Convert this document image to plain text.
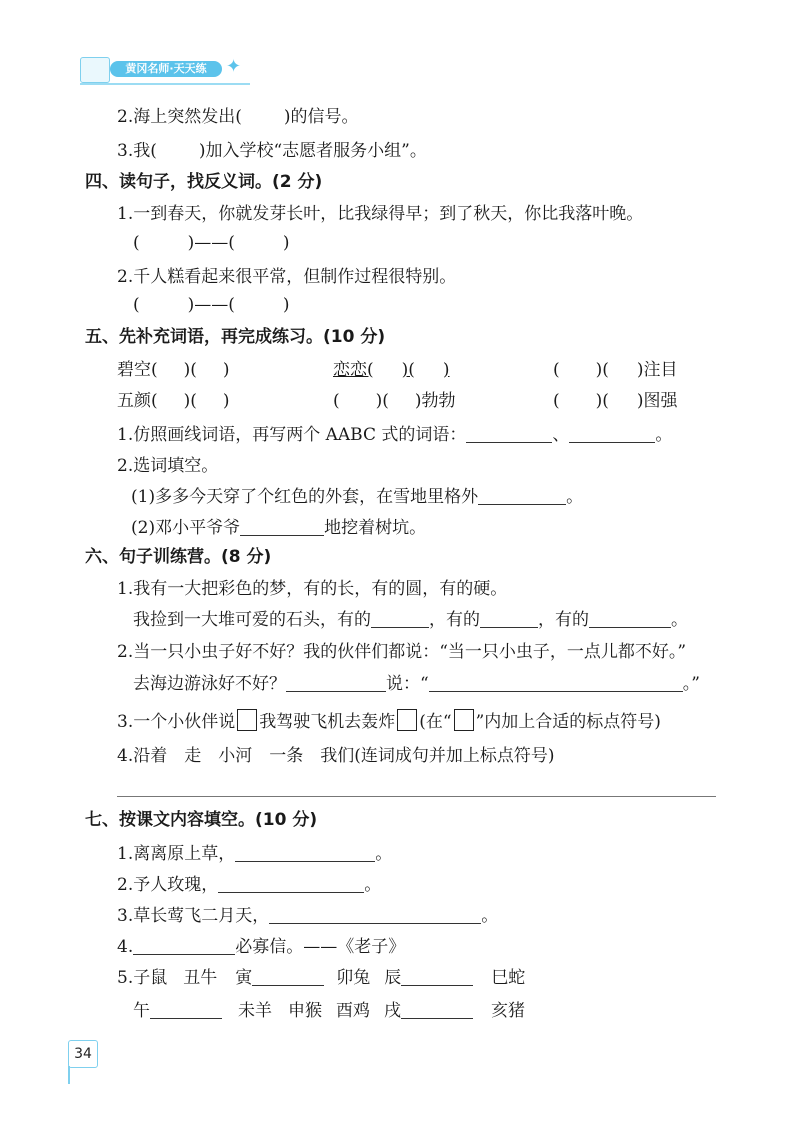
黄冈名师·天天练	✦
2.海上突然发出( )的信号。
3.我( )加入学校“志愿者服务小组”。
四、读句子，找反义词。(2 分)
1.一到春天，你就发芽长叶，比我绿得早；到了秋天，你比我落叶晚。
(	)——(	)
2.千人糕看起来很平常，但制作过程很特别。
(	)——(	)
五、先补充词语，再完成练习。(10 分)
碧空( )( )	恋恋( )( )	( )( )注目
五颜( )( )	( )( )勃勃	( )( )图强
1.仿照画线词语，再写两个 AABC 式的词语：	、	。
2.选词填空。
(1)多多今天穿了个红色的外套，在雪地里格外	。
(2)邓小平爷爷	地挖着树坑。
六、句子训练营。(8 分)
1.我有一大把彩色的梦，有的长，有的圆，有的硬。
我捡到一大堆可爱的石头，有的	，有的	，有的	。
2.当一只小虫子好不好？我的伙伴们都说：“当一只小虫子，一点儿都不好。”
去海边游泳好不好？	说：“	。”
3.一个小伙伴说 我驾驶飞机去轰炸 (在“ ”内加上合适的标点符号)
4.沿着　走　小河　一条　我们(连词成句并加上标点符号)
七、按课文内容填空。(10 分)
1.离离原上草，	。
2.予人玫瑰，	。
3.草长莺飞二月天，	。
4.	必寡信。——《老子》
5.子鼠 丑牛 寅	卯兔 辰	巳蛇
午	未羊 申猴 酉鸡 戌	亥猪
34
